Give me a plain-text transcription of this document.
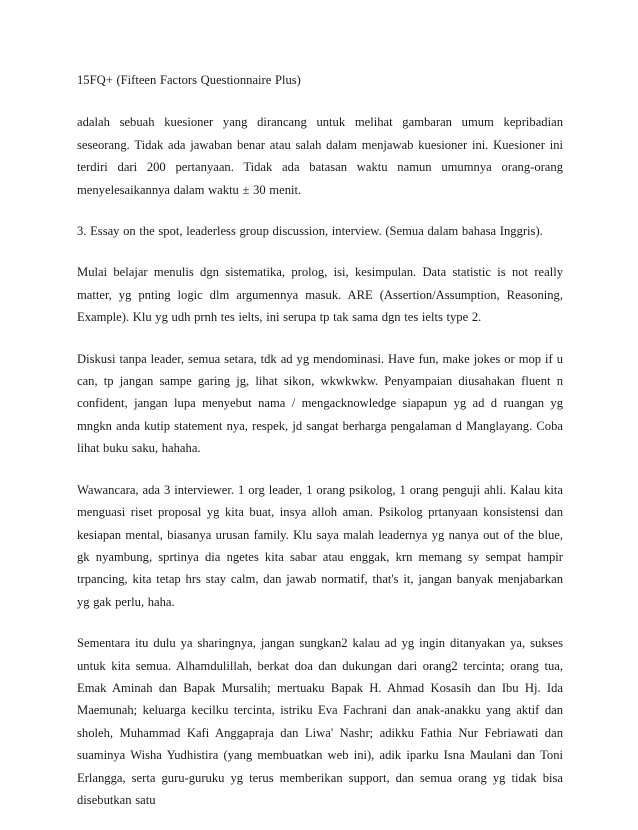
15FQ+ (Fifteen Factors Questionnaire Plus)

adalah sebuah kuesioner yang dirancang untuk melihat gambaran umum kepribadian seseorang. Tidak ada jawaban benar atau salah dalam menjawab kuesioner ini. Kuesioner ini terdiri dari 200 pertanyaan. Tidak ada batasan waktu namun umumnya orang-orang menyelesaikannya dalam waktu ± 30 menit.

3. Essay on the spot, leaderless group discussion, interview. (Semua dalam bahasa Inggris).

Mulai belajar menulis dgn sistematika, prolog, isi, kesimpulan. Data statistic is not really matter, yg pnting logic dlm argumennya masuk. ARE (Assertion/Assumption, Reasoning, Example). Klu yg udh prnh tes ielts, ini serupa tp tak sama dgn tes ielts type 2.

Diskusi tanpa leader, semua setara, tdk ad yg mendominasi. Have fun, make jokes or mop if u can, tp jangan sampe garing jg, lihat sikon, wkwkwkw. Penyampaian diusahakan fluent n confident, jangan lupa menyebut nama / mengacknowledge siapapun yg ad d ruangan yg mngkn anda kutip statement nya, respek, jd sangat berharga pengalaman d Manglayang. Coba lihat buku saku, hahaha.

Wawancara, ada 3 interviewer. 1 org leader, 1 orang psikolog, 1 orang penguji ahli. Kalau kita menguasi riset proposal yg kita buat, insya alloh aman. Psikolog prtanyaan konsistensi dan kesiapan mental, biasanya urusan family. Klu saya malah leadernya yg nanya out of the blue, gk nyambung, sprtinya dia ngetes kita sabar atau enggak, krn memang sy sempat hampir trpancing, kita tetap hrs stay calm, dan jawab normatif, that's it, jangan banyak menjabarkan yg gak perlu, haha.

Sementara itu dulu ya sharingnya, jangan sungkan2 kalau ad yg ingin ditanyakan ya, sukses untuk kita semua. Alhamdulillah, berkat doa dan dukungan dari orang2 tercinta; orang tua, Emak Aminah dan Bapak Mursalih; mertuaku Bapak H. Ahmad Kosasih dan Ibu Hj. Ida Maemunah; keluarga kecilku tercinta, istriku Eva Fachrani dan anak-anakku yang aktif dan sholeh, Muhammad Kafi Anggapraja dan Liwa' Nashr; adikku Fathia Nur Febriawati dan suaminya Wisha Yudhistira (yang membuatkan web ini), adik iparku Isna Maulani dan Toni Erlangga, serta guru-guruku yg terus memberikan support, dan semua orang yg tidak bisa disebutkan satu
